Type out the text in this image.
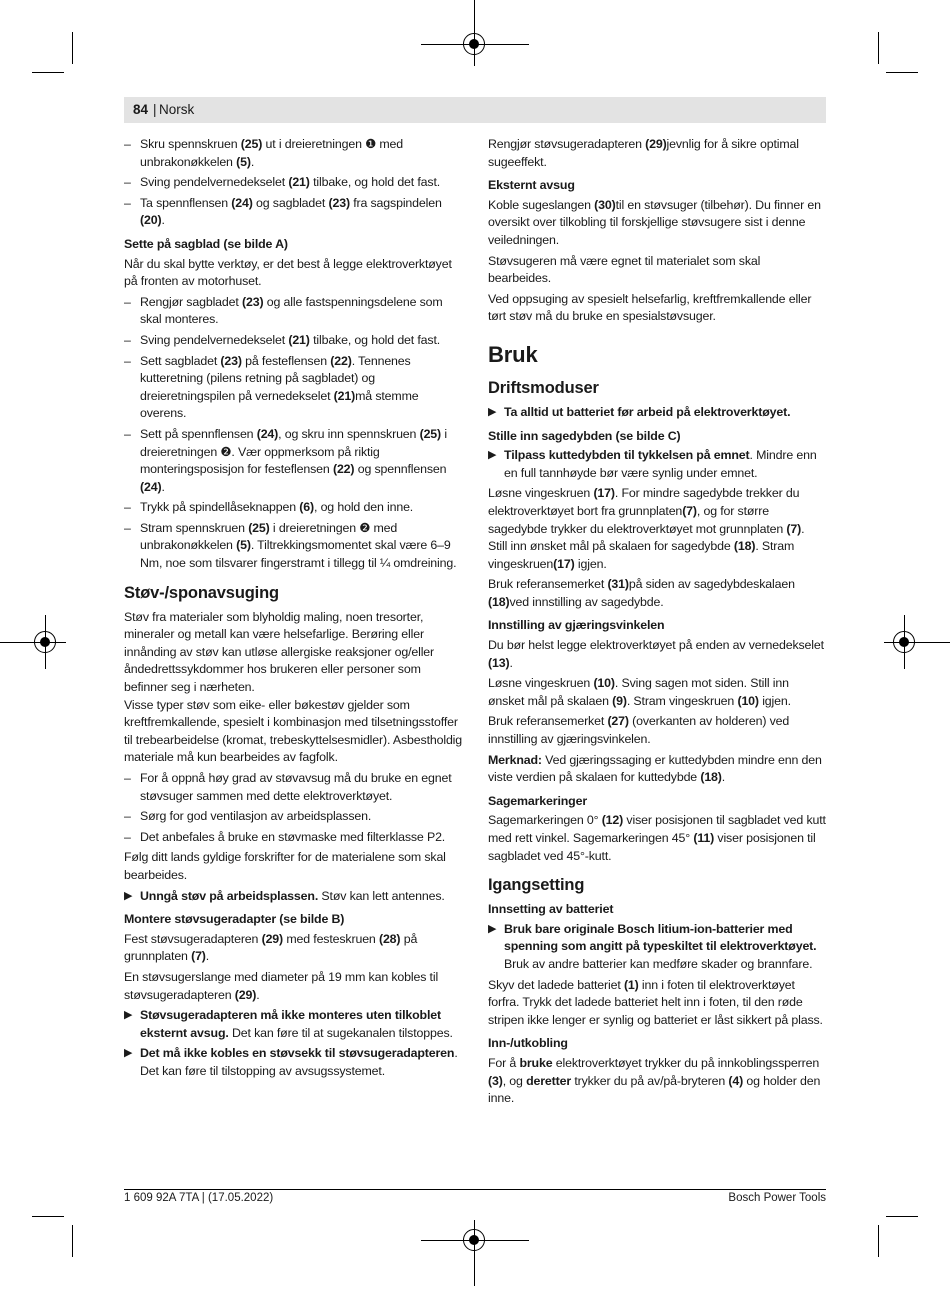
84 | Norsk
– Skru spennskruen (25) ut i dreieretningen ❶ med unbrakonøkkelen (5).
– Sving pendelvernedekselet (21) tilbake, og hold det fast.
– Ta spennflensen (24) og sagbladet (23) fra sagspindelen (20).
Sette på sagblad (se bilde A)
Når du skal bytte verktøy, er det best å legge elektroverktøyet på fronten av motorhuset.
– Rengjør sagbladet (23) og alle fastspenningsdelene som skal monteres.
– Sving pendelvernedekselet (21) tilbake, og hold det fast.
– Sett sagbladet (23) på festeflensen (22). Tennenes kutteretning (pilens retning på sagbladet) og dreieretningspilen på vernedekselet (21)må stemme overens.
– Sett på spennflensen (24), og skru inn spennskruen (25) i dreieretningen ❷. Vær oppmerksom på riktig monteringsposisjon for festeflensen (22) og spennflensen (24).
– Trykk på spindellåseknappen (6), og hold den inne.
– Stram spennskruen (25) i dreieretningen ❷ med unbrakonøkkelen (5). Tiltrekkingsmomentet skal være 6–9 Nm, noe som tilsvarer fingerstramt i tillegg til ¼ omdreining.
Støv-/sponavsuging
Støv fra materialer som blyholdig maling, noen tresorter, mineraler og metall kan være helsefarlige. Berøring eller innånding av støv kan utløse allergiske reaksjoner og/eller åndedrettssykdommer hos brukeren eller personer som befinner seg i nærheten.
Visse typer støv som eike- eller bøkestøv gjelder som kreftfremkallende, spesielt i kombinasjon med tilsetningsstoffer til trebearbeidelse (kromat, trebeskyttelsesmidler). Asbestholdig materiale må kun bearbeides av fagfolk.
– For å oppnå høy grad av støvavsug må du bruke en egnet støvsuger sammen med dette elektroverktøyet.
– Sørg for god ventilasjon av arbeidsplassen.
– Det anbefales å bruke en støvmaske med filterklasse P2.
Følg ditt lands gyldige forskrifter for de materialene som skal bearbeides.
▶ Unngå støv på arbeidsplassen. Støv kan lett antennes.
Montere støvsugeradapter (se bilde B)
Fest støvsugeradapteren (29) med festeskruen (28) på grunnplaten (7).
En støvsugerslange med diameter på 19 mm kan kobles til støvsugeradapteren (29).
▶ Støvsugeradapteren må ikke monteres uten tilkoblet eksternt avsug. Det kan føre til at sugekanalen tilstoppes.
▶ Det må ikke kobles en støvsekk til støvsugeradapteren. Det kan føre til tilstopping av avsugssystemet.
Rengjør støvsugeradapteren (29)jevnlig for å sikre optimal sugeeffekt.
Eksternt avsug
Koble sugeslangen (30)til en støvsuger (tilbehør). Du finner en oversikt over tilkobling til forskjellige støvsugere sist i denne veiledningen.
Støvsugeren må være egnet til materialet som skal bearbeides.
Ved oppsuging av spesielt helsefarlig, kreftfremkallende eller tørt støv må du bruke en spesialstøvsuger.
Bruk
Driftsmoduser
▶ Ta alltid ut batteriet før arbeid på elektroverktøyet.
Stille inn sagedybden (se bilde C)
▶ Tilpass kuttedybden til tykkelsen på emnet. Mindre enn en full tannhøyde bør være synlig under emnet.
Løsne vingeskruen (17). For mindre sagedybde trekker du elektroverktøyet bort fra grunnplaten(7), og for større sagedybde trykker du elektroverktøyet mot grunnplaten (7). Still inn ønsket mål på skalaen for sagedybde (18). Stram vingeskruen(17) igjen.
Bruk referansemerket (31)på siden av sagedybdeskalaen (18)ved innstilling av sagedybde.
Innstilling av gjæringsvinkelen
Du bør helst legge elektroverktøyet på enden av vernedekselet (13).
Løsne vingeskruen (10). Sving sagen mot siden. Still inn ønsket mål på skalaen (9). Stram vingeskruen (10) igjen.
Bruk referansemerket (27) (overkanten av holderen) ved innstilling av gjæringsvinkelen.
Merknad: Ved gjæringssaging er kuttedybden mindre enn den viste verdien på skalaen for kuttedybde (18).
Sagemarkeringer
Sagemarkeringen 0° (12) viser posisjonen til sagbladet ved kutt med rett vinkel. Sagemarkeringen 45° (11) viser posisjonen til sagbladet ved 45°-kutt.
Igangsetting
Innsetting av batteriet
▶ Bruk bare originale Bosch litium-ion-batterier med spenning som angitt på typeskiltet til elektroverktøyet. Bruk av andre batterier kan medføre skader og brannfare.
Skyv det ladede batteriet (1) inn i foten til elektroverktøyet forfra. Trykk det ladede batteriet helt inn i foten, til den røde stripen ikke lenger er synlig og batteriet er låst sikkert på plass.
Inn-/utkobling
For å bruke elektroverktøyet trykker du på innkoblingssperren (3), og deretter trykker du på av/på-bryteren (4) og holder den inne.
1 609 92A 7TA | (17.05.2022)	Bosch Power Tools
